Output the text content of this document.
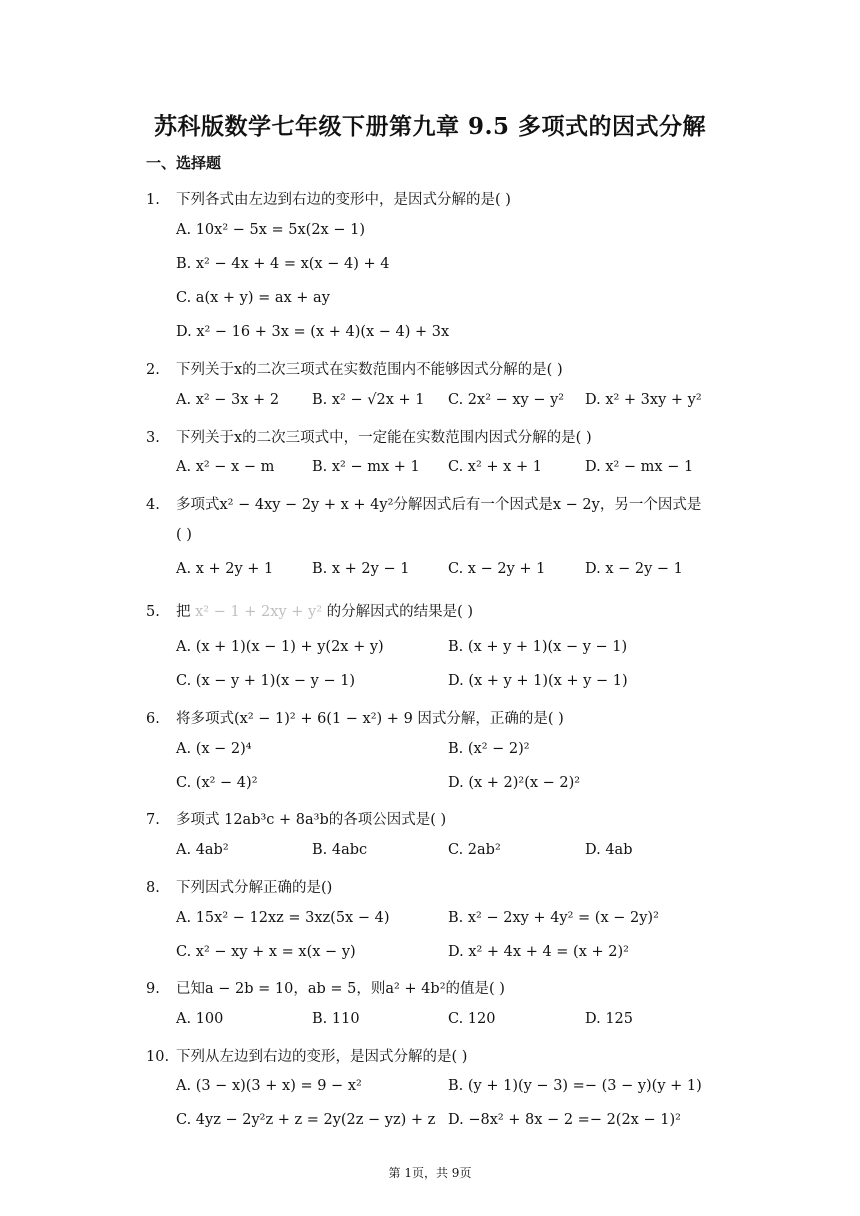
苏科版数学七年级下册第九章 9.5 多项式的因式分解
一、选择题
1. 下列各式由左边到右边的变形中，是因式分解的是( )
A. 10x² − 5x = 5x(2x − 1)
B. x² − 4x + 4 = x(x − 4) + 4
C. a(x + y) = ax + ay
D. x² − 16 + 3x = (x + 4)(x − 4) + 3x
2. 下列关于x的二次三项式在实数范围内不能够因式分解的是( )
A. x² − 3x + 2 B. x² − √2x + 1 C. 2x² − xy − y² D. x² + 3xy + y²
3. 下列关于x的二次三项式中，一定能在实数范围内因式分解的是( )
A. x² − x − m	B. x² − mx + 1 C. x² + x + 1	D. x² − mx − 1
4. 多项式x² − 4xy − 2y + x + 4y²分解因式后有一个因式是x − 2y，另一个因式是
( )
A. x + 2y + 1	B. x + 2y − 1	C. x − 2y + 1	D. x − 2y − 1
5. 把 x² − 1 + 2xy + y² 的分解因式的结果是( )
A. (x + 1)(x − 1) + y(2x + y)	B. (x + y + 1)(x − y − 1)
C. (x − y + 1)(x − y − 1)	D. (x + y + 1)(x + y − 1)
6. 将多项式(x² − 1)² + 6(1 − x²) + 9 因式分解，正确的是( )
A. (x − 2)⁴	B. (x² − 2)²
C. (x² − 4)²	D. (x + 2)²(x − 2)²
7. 多项式 12ab³c + 8a³b的各项公因式是( )
A. 4ab²	B. 4abc	C. 2ab²	D. 4ab
8. 下列因式分解正确的是()
A. 15x² − 12xz = 3xz(5x − 4)	B. x² − 2xy + 4y² = (x − 2y)²
C. x² − xy + x = x(x − y)	D. x² + 4x + 4 = (x + 2)²
9. 已知a − 2b = 10，ab = 5，则a² + 4b²的值是( )
A. 100	B. 110	C. 120	D. 125
10. 下列从左边到右边的变形，是因式分解的是( )
A. (3 − x)(3 + x) = 9 − x²	B. (y + 1)(y − 3) =− (3 − y)(y + 1)
C. 4yz − 2y²z + z = 2y(2z − yz) + z D. −8x² + 8x − 2 =− 2(2x − 1)²
第 1页，共 9页
